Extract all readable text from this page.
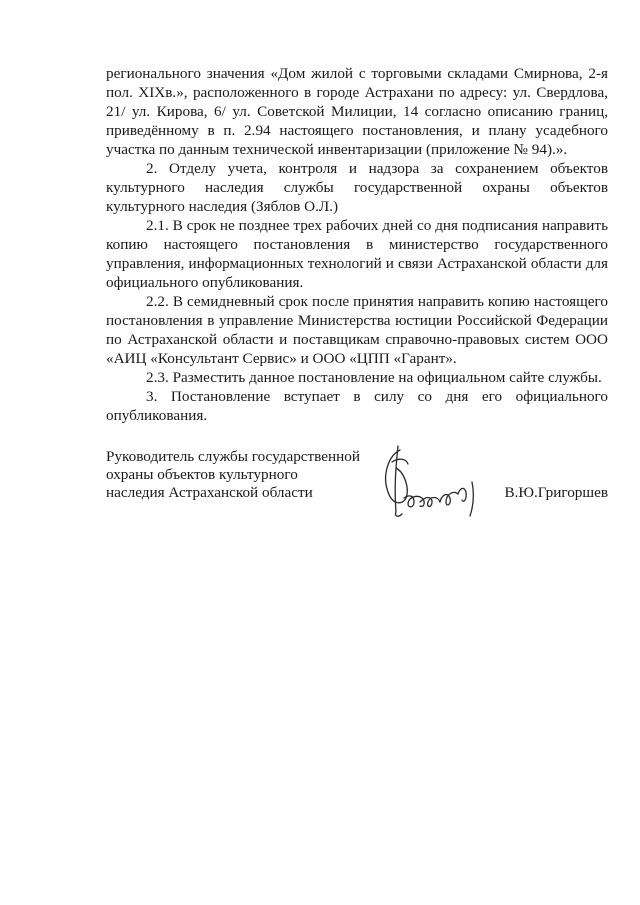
регионального значения «Дом жилой с торговыми складами Смирнова, 2-я пол. XIXв.», расположенного в городе Астрахани по адресу: ул. Свердлова, 21/ ул. Кирова, 6/ ул. Советской Милиции, 14 согласно описанию границ, приведённому в п. 2.94 настоящего постановления, и плану усадебного участка по данным технической инвентаризации (приложение № 94).».

2. Отделу учета, контроля и надзора за сохранением объектов культурного наследия службы государственной охраны объектов культурного наследия (Зяблов О.Л.)

2.1. В срок не позднее трех рабочих дней со дня подписания направить копию настоящего постановления в министерство государственного управления, информационных технологий и связи Астраханской области для официального опубликования.

2.2. В семидневный срок после принятия направить копию настоящего постановления в управление Министерства юстиции Российской Федерации по Астраханской области и поставщикам справочно-правовых систем ООО «АИЦ «Консультант Сервис» и ООО «ЦПП «Гарант».

2.3. Разместить данное постановление на официальном сайте службы.

3. Постановление вступает в силу со дня его официального опубликования.

Руководитель службы государственной
охраны объектов культурного
наследия Астраханской области	В.Ю.Григоршев
